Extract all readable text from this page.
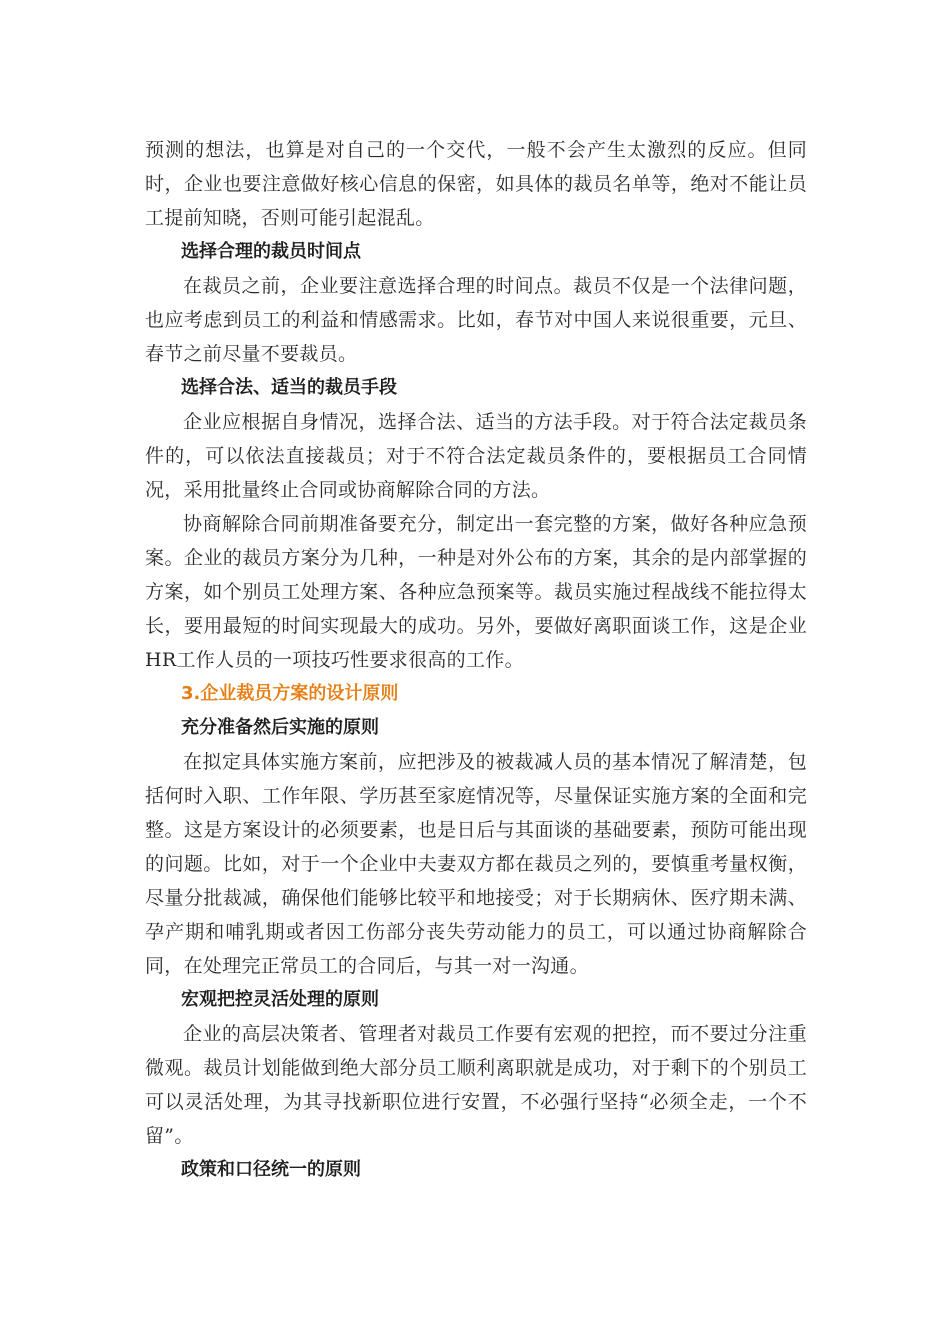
预测的想法，也算是对自己的一个交代，一般不会产生太激烈的反应。但同时，企业也要注意做好核心信息的保密，如具体的裁员名单等，绝对不能让员工提前知晓，否则可能引起混乱。

选择合理的裁员时间点

在裁员之前，企业要注意选择合理的时间点。裁员不仅是一个法律问题，也应考虑到员工的利益和情感需求。比如，春节对中国人来说很重要，元旦、春节之前尽量不要裁员。

选择合法、适当的裁员手段

企业应根据自身情况，选择合法、适当的方法手段。对于符合法定裁员条件的，可以依法直接裁员；对于不符合法定裁员条件的，要根据员工合同情况，采用批量终止合同或协商解除合同的方法。

协商解除合同前期准备要充分，制定出一套完整的方案，做好各种应急预案。企业的裁员方案分为几种，一种是对外公布的方案，其余的是内部掌握的方案，如个别员工处理方案、各种应急预案等。裁员实施过程战线不能拉得太长，要用最短的时间实现最大的成功。另外，要做好离职面谈工作，这是企业HR工作人员的一项技巧性要求很高的工作。

3.企业裁员方案的设计原则

充分准备然后实施的原则

在拟定具体实施方案前，应把涉及的被裁减人员的基本情况了解清楚，包括何时入职、工作年限、学历甚至家庭情况等，尽量保证实施方案的全面和完整。这是方案设计的必须要素，也是日后与其面谈的基础要素，预防可能出现的问题。比如，对于一个企业中夫妻双方都在裁员之列的，要慎重考量权衡，尽量分批裁减，确保他们能够比较平和地接受；对于长期病休、医疗期未满、孕产期和哺乳期或者因工伤部分丧失劳动能力的员工，可以通过协商解除合同，在处理完正常员工的合同后，与其一对一沟通。

宏观把控灵活处理的原则

企业的高层决策者、管理者对裁员工作要有宏观的把控，而不要过分注重微观。裁员计划能做到绝大部分员工顺利离职就是成功，对于剩下的个别员工可以灵活处理，为其寻找新职位进行安置，不必强行坚持“必须全走，一个不留”。

政策和口径统一的原则
